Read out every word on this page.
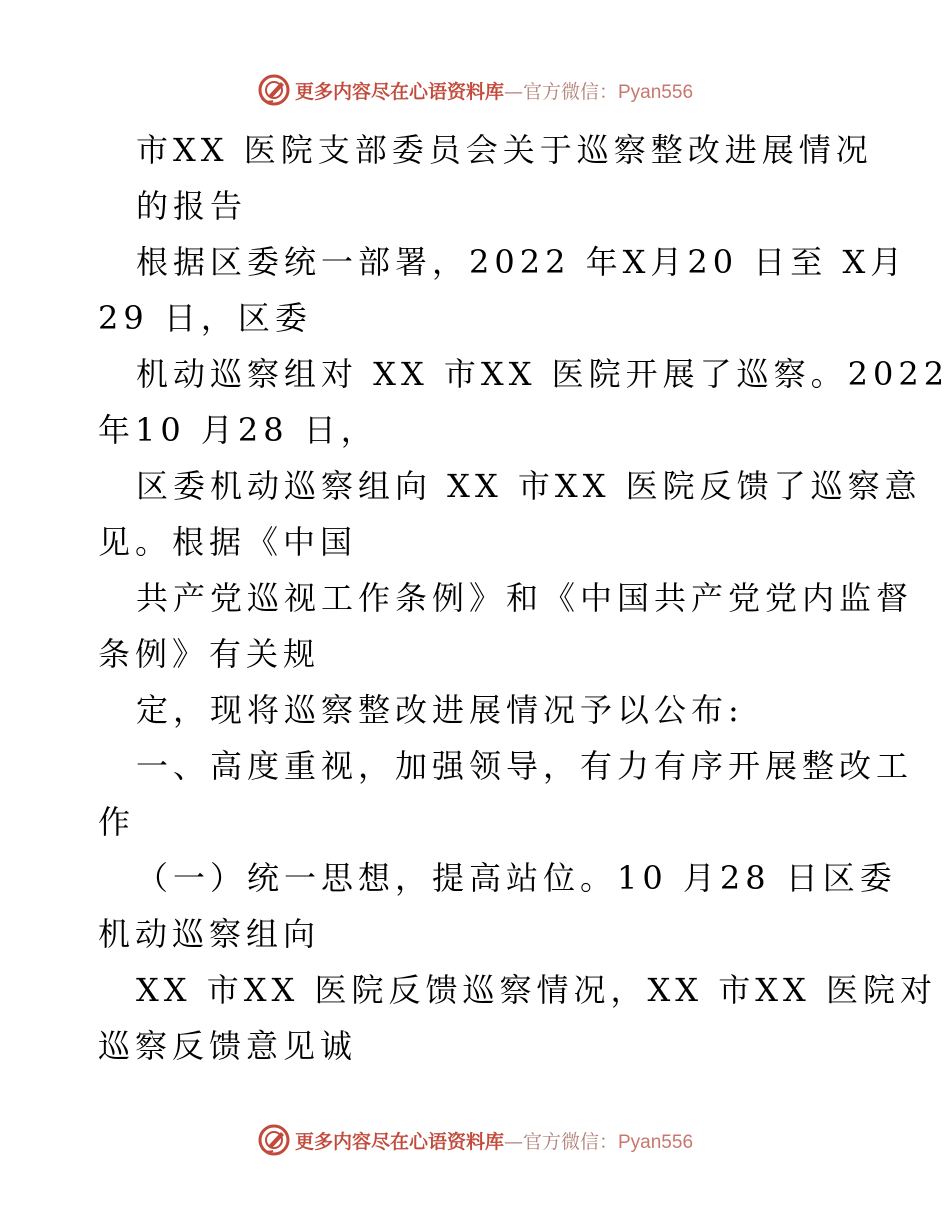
更多内容尽在心语资料库—官方微信：Pyan556
市XX 医院支部委员会关于巡察整改进展情况
的报告
根据区委统一部署，2022 年X月20 日至 X月
29 日，区委
机动巡察组对 XX 市XX 医院开展了巡察。2022
年10 月28 日，
区委机动巡察组向 XX 市XX 医院反馈了巡察意
见。根据《中国
共产党巡视工作条例》和《中国共产党党内监督
条例》有关规
定，现将巡察整改进展情况予以公布:
一、高度重视，加强领导，有力有序开展整改工
作
（一）统一思想，提高站位。10 月28 日区委
机动巡察组向
XX 市XX 医院反馈巡察情况，XX 市XX 医院对
巡察反馈意见诚
更多内容尽在心语资料库—官方微信：Pyan556
